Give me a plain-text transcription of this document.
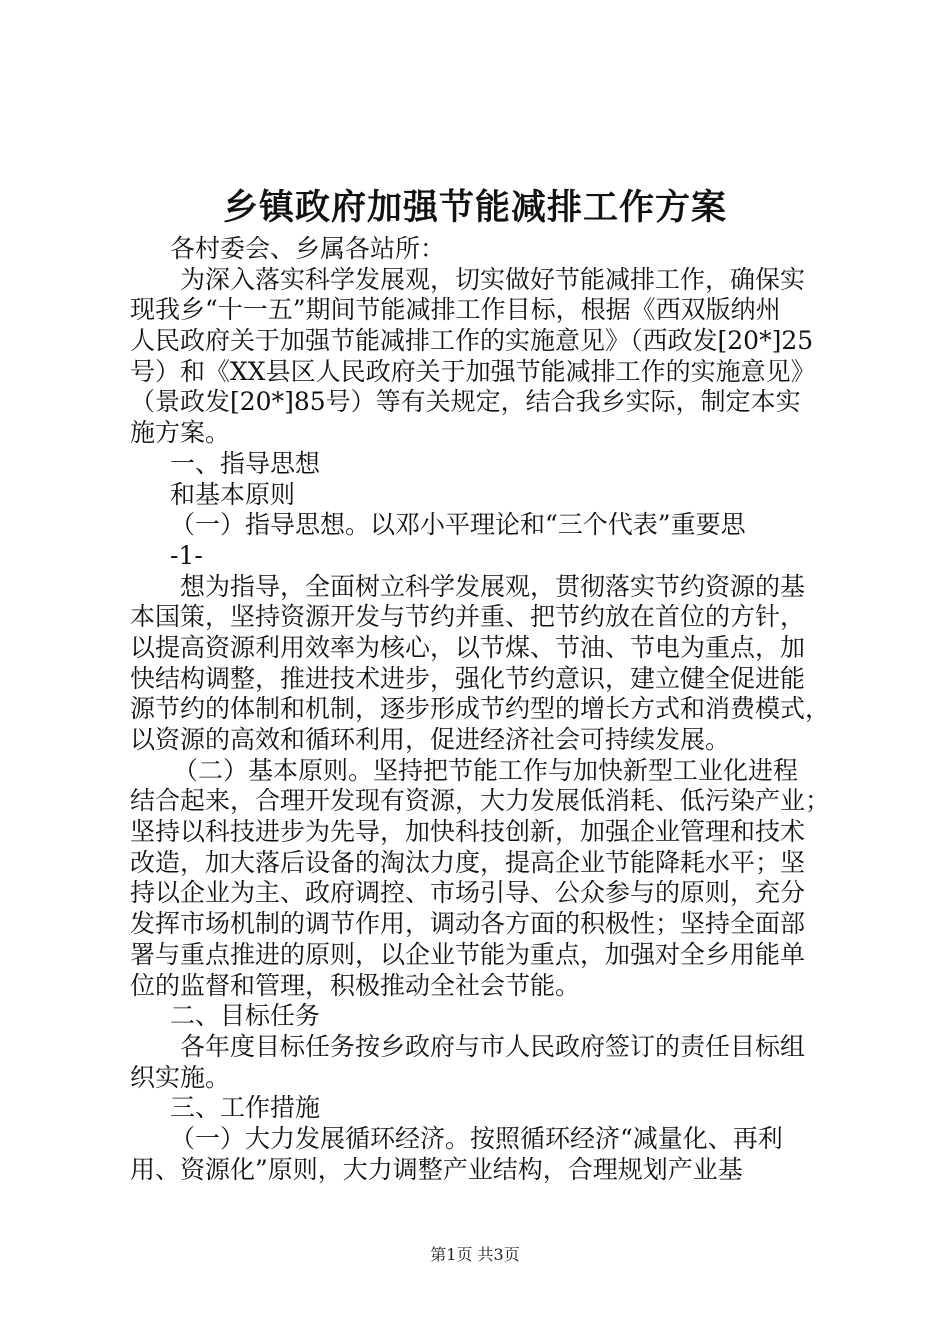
乡镇政府加强节能减排工作方案
各村委会、乡属各站所：
为深入落实科学发展观，切实做好节能减排工作，确保实
现我乡“十一五”期间节能减排工作目标，根据《西双版纳州
人民政府关于加强节能减排工作的实施意见》（西政发[20*]25
号）和《XX县区人民政府关于加强节能减排工作的实施意见》
（景政发[20*]85号）等有关规定，结合我乡实际，制定本实
施方案。
一、指导思想
和基本原则
（一）指导思想。以邓小平理论和“三个代表”重要思
-1-
想为指导，全面树立科学发展观，贯彻落实节约资源的基
本国策，坚持资源开发与节约并重、把节约放在首位的方针，
以提高资源利用效率为核心，以节煤、节油、节电为重点，加
快结构调整，推进技术进步，强化节约意识，建立健全促进能
源节约的体制和机制，逐步形成节约型的增长方式和消费模式，
以资源的高效和循环利用，促进经济社会可持续发展。
（二）基本原则。坚持把节能工作与加快新型工业化进程
结合起来，合理开发现有资源，大力发展低消耗、低污染产业；
坚持以科技进步为先导，加快科技创新，加强企业管理和技术
改造，加大落后设备的淘汰力度，提高企业节能降耗水平；坚
持以企业为主、政府调控、市场引导、公众参与的原则，充分
发挥市场机制的调节作用，调动各方面的积极性；坚持全面部
署与重点推进的原则，以企业节能为重点，加强对全乡用能单
位的监督和管理，积极推动全社会节能。
二、目标任务
各年度目标任务按乡政府与市人民政府签订的责任目标组
织实施。
三、工作措施
（一）大力发展循环经济。按照循环经济“减量化、再利
用、资源化”原则，大力调整产业结构，合理规划产业基
第1页 共3页
